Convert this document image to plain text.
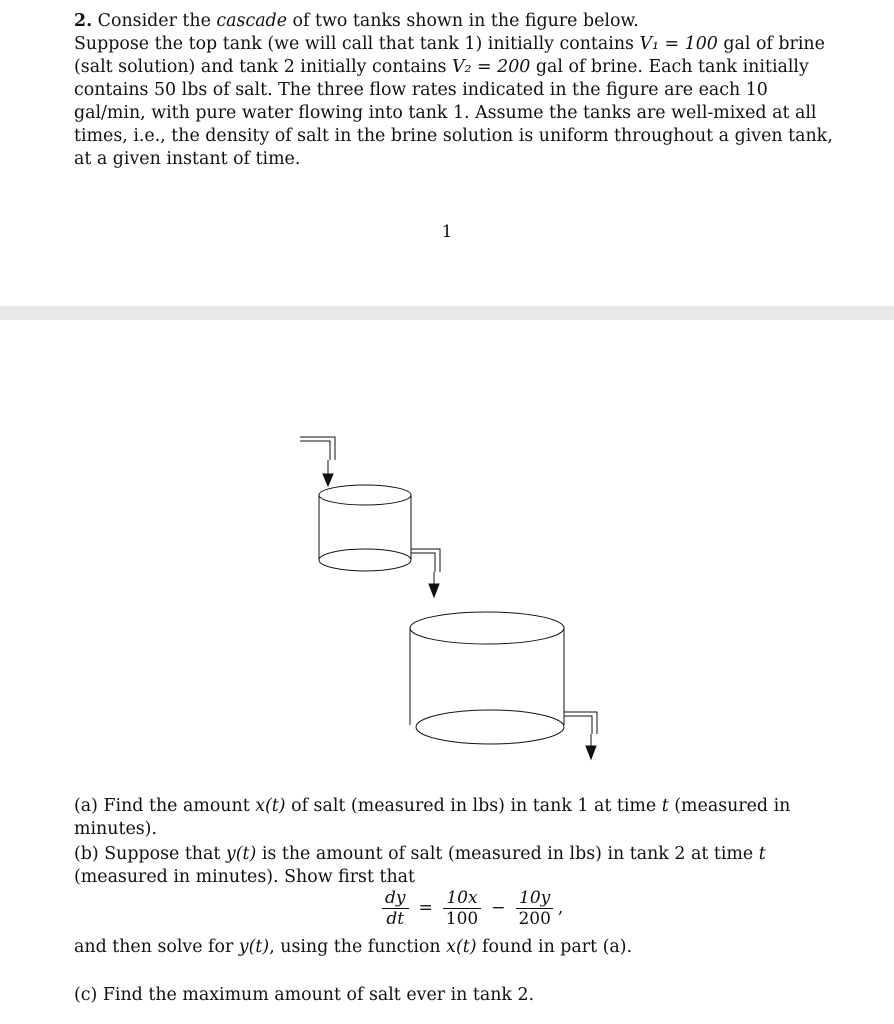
2. Consider the cascade of two tanks shown in the figure below.
Suppose the top tank (we will call that tank 1) initially contains V₁ = 100 gal of brine (salt solution) and tank 2 initially contains V₂ = 200 gal of brine. Each tank initially contains 50 lbs of salt. The three flow rates indicated in the figure are each 10 gal/min, with pure water flowing into tank 1. Assume the tanks are well-mixed at all times, i.e., the density of salt in the brine solution is uniform throughout a given tank, at a given instant of time.
1
(a) Find the amount x(t) of salt (measured in lbs) in tank 1 at time t (measured in minutes).
(b) Suppose that y(t) is the amount of salt (measured in lbs) in tank 2 at time t (measured in minutes). Show first that
$\frac{dy}{dt} = \frac{10x}{100} - \frac{10y}{200}$ ,
and then solve for y(t), using the function x(t) found in part (a).
(c) Find the maximum amount of salt ever in tank 2.
